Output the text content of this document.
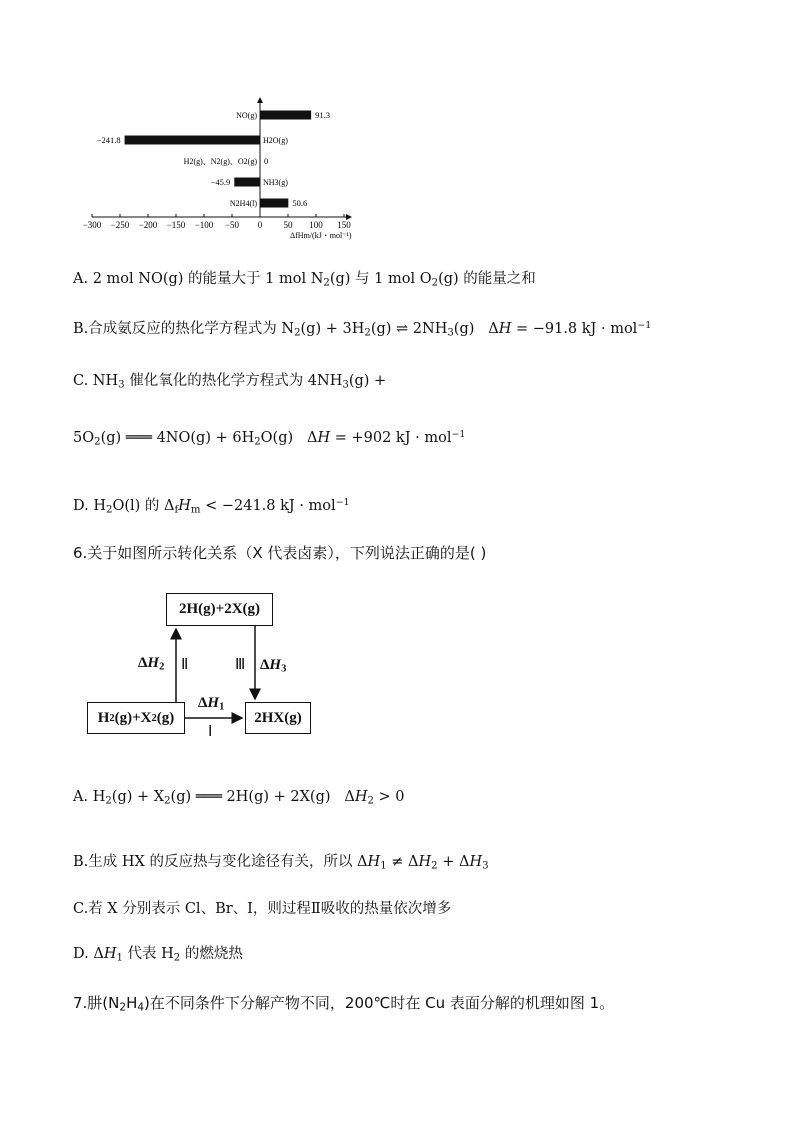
−300 −250 −200 −150 −100 −50 0 50 100 150
ΔfHm/(kJ・mol⁻¹)
NO(g)	91.3
H2O(g)
−241.8
H2(g)、N2(g)、O2(g) 0
NH3(g)
−45.9
N2H4(l)	50.6
A. 2 mol NO(g) 的能量大于 1 mol $N_2(g)$ 与 1 mol $O_2(g)$ 的能量之和
B.合成氨反应的热化学方程式为 $N_2(g) + 3H_2(g)$ ⇌ $2NH_3(g) \Delta H = -91.8$ kJ · mol$^{-1}$
C. $NH_3$ 催化氧化的热化学方程式为 $4NH_3(g)$ +
$5O_2(g)$ ═══ $4NO(g) + 6H_2O(g) \Delta H = +902$ kJ · mol$^{-1}$
D. $H_2O(l)$ 的 $\Delta_fH_m < -241.8$ kJ · mol$^{-1}$
6.关于如图所示转化关系（X 代表卤素），下列说法正确的是( )
2H(g)+2X(g)
H 2 (g)+X 2 (g)	2HX(g)
$\Delta H_2$ Ⅱ	Ⅲ $\Delta H_3$
$\Delta H_1$
Ⅰ
A. $H_2(g) + X_2(g)$ ═══ 2H(g) + 2X(g)   $\Delta H_2 > 0$
B.生成 HX 的反应热与变化途径有关，所以 $\Delta H_1 \ne \Delta H_2 + \Delta H_3$
C.若 X 分别表示 Cl、Br、I，则过程Ⅱ吸收的热量依次增多
D. $\Delta H_1$ 代表 $H_2$ 的燃烧热
7.肼$(N_2H_4)$在不同条件下分解产物不同，200℃时在 Cu 表面分解的机理如图 1。
